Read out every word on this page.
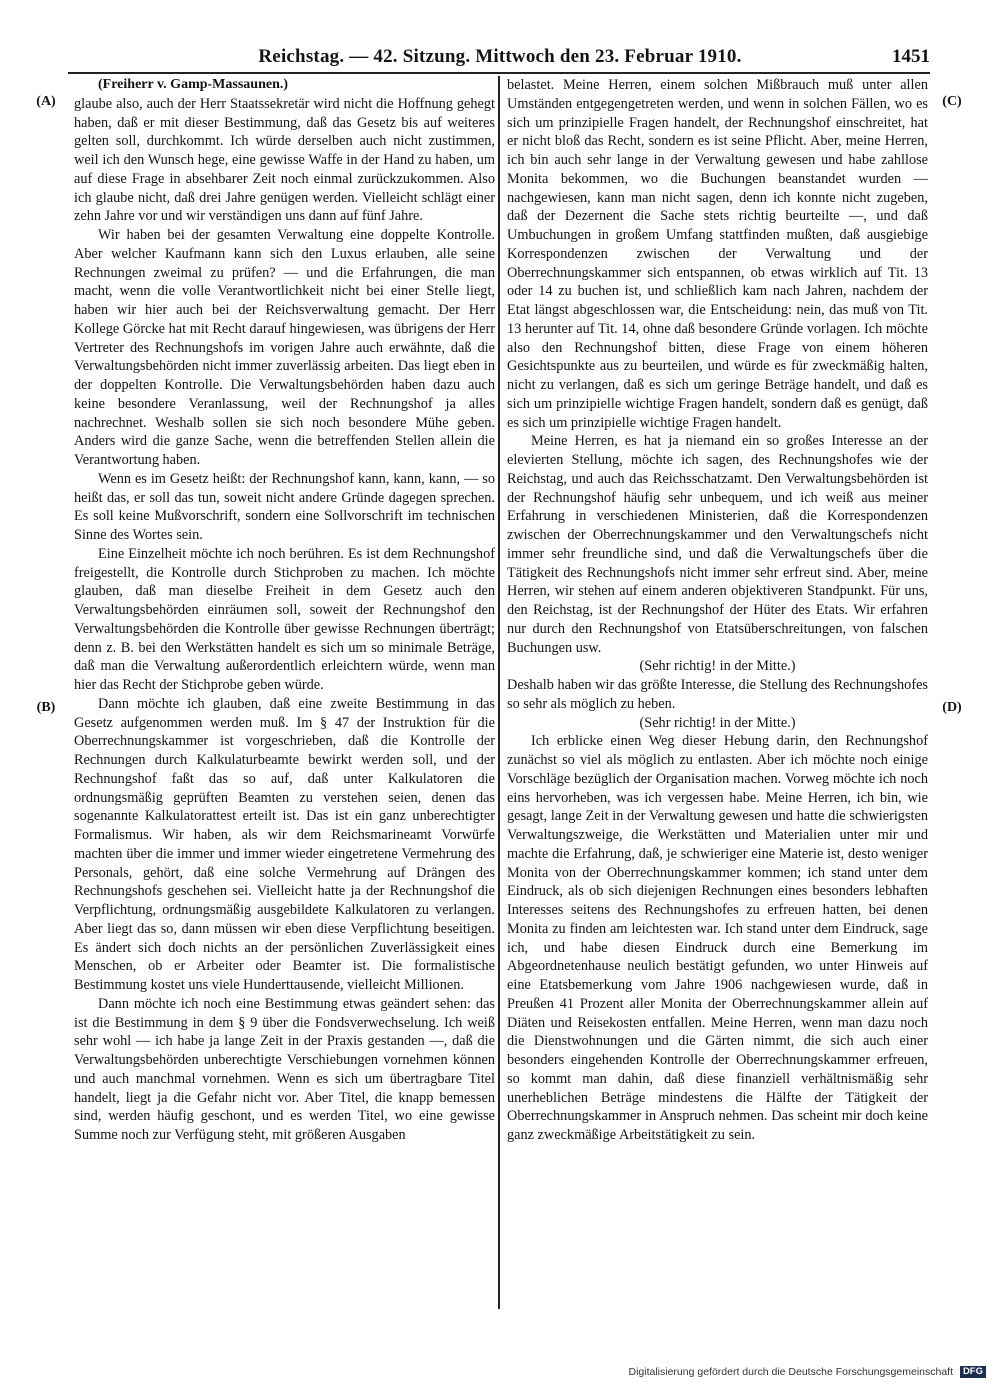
Reichstag. — 42. Sitzung. Mittwoch den 23. Februar 1910.	1451
(A)
(B)
(C)
(D)

(Freiherr v. Gamp-Massaunen.)

glaube also, auch der Herr Staatssekretär wird nicht die Hoffnung gehegt haben, daß er mit dieser Bestimmung, daß das Gesetz bis auf weiteres gelten soll, durchkommt. Ich würde derselben auch nicht zustimmen, weil ich den Wunsch hege, eine gewisse Waffe in der Hand zu haben, um auf diese Frage in absehbarer Zeit noch einmal zurückzukommen. Also ich glaube nicht, daß drei Jahre genügen werden. Vielleicht schlägt einer zehn Jahre vor und wir verständigen uns dann auf fünf Jahre.

Wir haben bei der gesamten Verwaltung eine doppelte Kontrolle. Aber welcher Kaufmann kann sich den Luxus erlauben, alle seine Rechnungen zweimal zu prüfen? — und die Erfahrungen, die man macht, wenn die volle Verantwortlichkeit nicht bei einer Stelle liegt, haben wir hier auch bei der Reichsverwaltung gemacht. Der Herr Kollege Görcke hat mit Recht darauf hingewiesen, was übrigens der Herr Vertreter des Rechnungshofs im vorigen Jahre auch erwähnte, daß die Verwaltungsbehörden nicht immer zuverlässig arbeiten. Das liegt eben in der doppelten Kontrolle. Die Verwaltungsbehörden haben dazu auch keine besondere Veranlassung, weil der Rechnungshof ja alles nachrechnet. Weshalb sollen sie sich noch besondere Mühe geben. Anders wird die ganze Sache, wenn die betreffenden Stellen allein die Verantwortung haben.

Wenn es im Gesetz heißt: der Rechnungshof kann, kann, kann, — so heißt das, er soll das tun, soweit nicht andere Gründe dagegen sprechen. Es soll keine Mußvorschrift, sondern eine Sollvorschrift im technischen Sinne des Wortes sein.

Eine Einzelheit möchte ich noch berühren. Es ist dem Rechnungshof freigestellt, die Kontrolle durch Stichproben zu machen. Ich möchte glauben, daß man dieselbe Freiheit in dem Gesetz auch den Verwaltungsbehörden einräumen soll, soweit der Rechnungshof den Verwaltungsbehörden die Kontrolle über gewisse Rechnungen überträgt; denn z. B. bei den Werkstätten handelt es sich um so minimale Beträge, daß man die Verwaltung außerordentlich erleichtern würde, wenn man hier das Recht der Stichprobe geben würde.

Dann möchte ich glauben, daß eine zweite Bestimmung in das Gesetz aufgenommen werden muß. Im § 47 der Instruktion für die Oberrechnungskammer ist vorgeschrieben, daß die Kontrolle der Rechnungen durch Kalkulaturbeamte bewirkt werden soll, und der Rechnungshof faßt das so auf, daß unter Kalkulatoren die ordnungsmäßig geprüften Beamten zu verstehen seien, denen das sogenannte Kalkulatorattest erteilt ist. Das ist ein ganz unberechtigter Formalismus. Wir haben, als wir dem Reichsmarineamt Vorwürfe machten über die immer und immer wieder eingetretene Vermehrung des Personals, gehört, daß eine solche Vermehrung auf Drängen des Rechnungshofs geschehen sei. Vielleicht hatte ja der Rechnungshof die Verpflichtung, ordnungsmäßig ausgebildete Kalkulatoren zu verlangen. Aber liegt das so, dann müssen wir eben diese Verpflichtung beseitigen. Es ändert sich doch nichts an der persönlichen Zuverlässigkeit eines Menschen, ob er Arbeiter oder Beamter ist. Die formalistische Bestimmung kostet uns viele Hunderttausende, vielleicht Millionen.

Dann möchte ich noch eine Bestimmung etwas geändert sehen: das ist die Bestimmung in dem § 9 über die Fondsverwechselung. Ich weiß sehr wohl — ich habe ja lange Zeit in der Praxis gestanden —, daß die Verwaltungsbehörden unberechtigte Verschiebungen vornehmen können und auch manchmal vornehmen. Wenn es sich um übertragbare Titel handelt, liegt ja die Gefahr nicht vor. Aber Titel, die knapp bemessen sind, werden häufig geschont, und es werden Titel, wo eine gewisse Summe noch zur Verfügung steht, mit größeren Ausgaben

belastet. Meine Herren, einem solchen Mißbrauch muß unter allen Umständen entgegengetreten werden, und wenn in solchen Fällen, wo es sich um prinzipielle Fragen handelt, der Rechnungshof einschreitet, hat er nicht bloß das Recht, sondern es ist seine Pflicht. Aber, meine Herren, ich bin auch sehr lange in der Verwaltung gewesen und habe zahllose Monita bekommen, wo die Buchungen beanstandet wurden — nachgewiesen, kann man nicht sagen, denn ich konnte nicht zugeben, daß der Dezernent die Sache stets richtig beurteilte —, und daß Umbuchungen in großem Umfang stattfinden mußten, daß ausgiebige Korrespondenzen zwischen der Verwaltung und der Oberrechnungskammer sich entspannen, ob etwas wirklich auf Tit. 13 oder 14 zu buchen ist, und schließlich kam nach Jahren, nachdem der Etat längst abgeschlossen war, die Entscheidung: nein, das muß von Tit. 13 herunter auf Tit. 14, ohne daß besondere Gründe vorlagen. Ich möchte also den Rechnungshof bitten, diese Frage von einem höheren Gesichtspunkte aus zu beurteilen, und würde es für zweckmäßig halten, nicht zu verlangen, daß es sich um geringe Beträge handelt, und daß es sich um prinzipielle wichtige Fragen handelt, sondern daß es genügt, daß es sich um prinzipielle wichtige Fragen handelt.

Meine Herren, es hat ja niemand ein so großes Interesse an der elevierten Stellung, möchte ich sagen, des Rechnungshofes wie der Reichstag, und auch das Reichsschatzamt. Den Verwaltungsbehörden ist der Rechnungshof häufig sehr unbequem, und ich weiß aus meiner Erfahrung in verschiedenen Ministerien, daß die Korrespondenzen zwischen der Oberrechnungskammer und den Verwaltungschefs nicht immer sehr freundliche sind, und daß die Verwaltungschefs über die Tätigkeit des Rechnungshofs nicht immer sehr erfreut sind. Aber, meine Herren, wir stehen auf einem anderen objektiveren Standpunkt. Für uns, den Reichstag, ist der Rechnungshof der Hüter des Etats. Wir erfahren nur durch den Rechnungshof von Etatsüberschreitungen, von falschen Buchungen usw.

(Sehr richtig! in der Mitte.)

Deshalb haben wir das größte Interesse, die Stellung des Rechnungshofes so sehr als möglich zu heben.

(Sehr richtig! in der Mitte.)

Ich erblicke einen Weg dieser Hebung darin, den Rechnungshof zunächst so viel als möglich zu entlasten. Aber ich möchte noch einige Vorschläge bezüglich der Organisation machen. Vorweg möchte ich noch eins hervorheben, was ich vergessen habe. Meine Herren, ich bin, wie gesagt, lange Zeit in der Verwaltung gewesen und hatte die schwierigsten Verwaltungszweige, die Werkstätten und Materialien unter mir und machte die Erfahrung, daß, je schwieriger eine Materie ist, desto weniger Monita von der Oberrechnungskammer kommen; ich stand unter dem Eindruck, als ob sich diejenigen Rechnungen eines besonders lebhaften Interesses seitens des Rechnungshofes zu erfreuen hatten, bei denen Monita zu finden am leichtesten war. Ich stand unter dem Eindruck, sage ich, und habe diesen Eindruck durch eine Bemerkung im Abgeordnetenhause neulich bestätigt gefunden, wo unter Hinweis auf eine Etatsbemerkung vom Jahre 1906 nachgewiesen wurde, daß in Preußen 41 Prozent aller Monita der Oberrechnungskammer allein auf Diäten und Reisekosten entfallen. Meine Herren, wenn man dazu noch die Dienstwohnungen und die Gärten nimmt, die sich auch einer besonders eingehenden Kontrolle der Oberrechnungskammer erfreuen, so kommt man dahin, daß diese finanziell verhältnismäßig sehr unerheblichen Beträge mindestens die Hälfte der Tätigkeit der Oberrechnungskammer in Anspruch nehmen. Das scheint mir doch keine ganz zweckmäßige Arbeitstätigkeit zu sein.

Digitalisierung gefördert durch die Deutsche Forschungsgemeinschaft DFG
